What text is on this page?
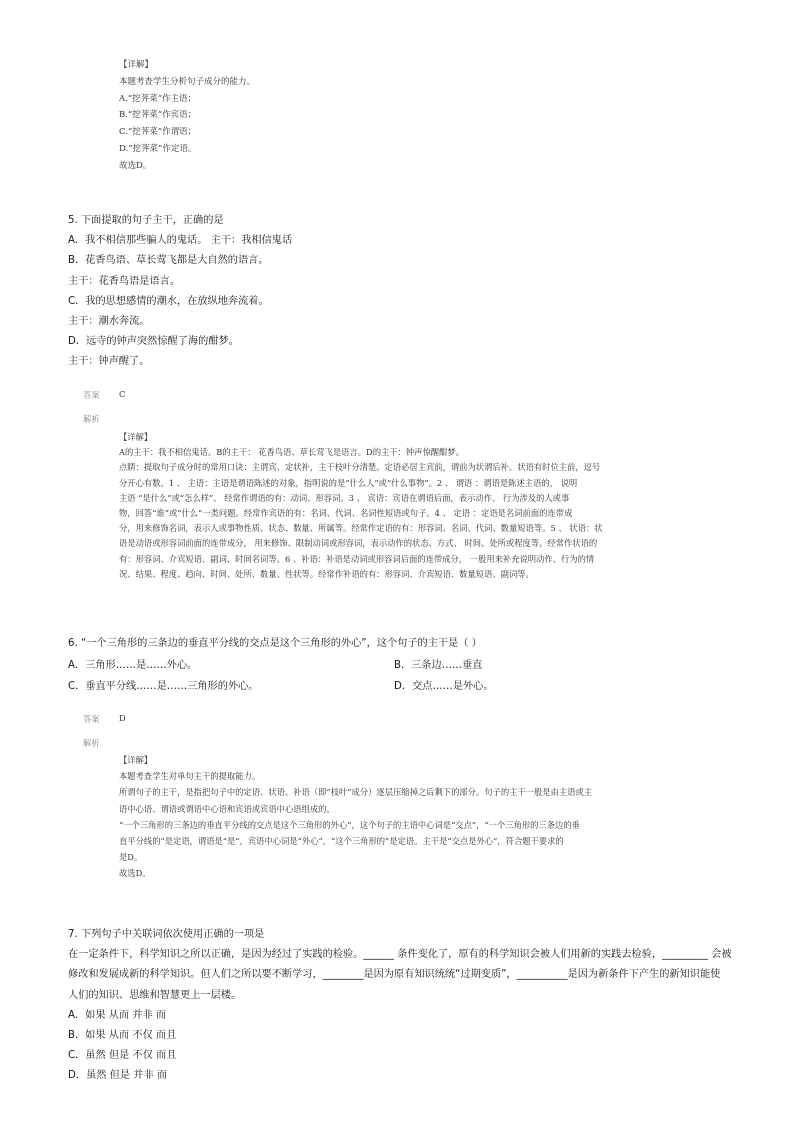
【详解】
本题考查学生分析句子成分的能力。
A.“挖荠菜”作主语；
B.“挖荠菜”作宾语；
C.“挖荠菜”作谓语；
D.“挖荠菜”作定语。
故选D。
5. 下面提取的句子主干，正确的是
A．我不相信那些骗人的鬼话。 主干：我相信鬼话
B．花香鸟语、草长莺飞都是大自然的语言。
主干：花香鸟语是语言。
C．我的思想感情的潮水，在放纵地奔流着。
主干：潮水奔流。
D．远寺的钟声突然惊醒了海的酣梦。
主干：钟声醒了。
答案 C
解析
【详解】
A的主干：我不相信鬼话。B的主干： 花香鸟语、草长莺飞是语言。D的主干：钟声惊醒酣梦。
点睛：提取句子成分时的常用口诀：主谓宾、定状补，主干枝叶分清楚。定语必居主宾前，谓前为状谓后补。状语有时位主前，逗号
分开心有数。1 、 主语：主语是谓语陈述的对象，指明说的是“什么人”或“什么事物”。2 、 谓语 ：谓语是陈述主语的， 说明
主语 “是什么”或“怎么样”。 经常作谓语的有：动词、形容词。3 、 宾语：宾语在谓语后面，表示动作、 行为涉及的人或事
物，回答“谁”或“什么”一类问题。经常作宾语的有：名词、代词、名词性短语或句子。4 、 定语 ：定语是名词前面的连带成
分，用来修饰名词，表示人或事物性质、状态、数量、所属等。经常作定语的有：形容词、名词、代词、数量短语等。5 、 状语：状
语是动语或形容词前面的连带成分， 用来修饰、限制动词或形容词，表示动作的状态、方式、 时间、处所或程度等。经常作状语的
有：形容词、介宾短语、副词、时间名词等。6 、补语：补语是动词或形容词后面的连带成分， 一般用来补充说明动作、行为的情
况、结果、程度、趋向、时间、处所、数量、性状等。经常作补语的有：形容词、介宾短语、数量短语、副词等。
6. “一个三角形的三条边的垂直平分线的交点是这个三角形的外心”，这个句子的主干是（ ）
A．三角形……是……外心。	B．三条边……垂直
C．垂直平分线……是……三角形的外心。	D．交点……是外心。
答案 D
解析
【详解】
本题考查学生对单句主干的提取能力。
所谓句子的主干，是指把句子中的定语、状语、补语（即“枝叶”成分）逐层压缩掉之后剩下的部分。句子的主干一般是由主语或主
语中心语、谓语或谓语中心语和宾语或宾语中心语组成的。
“一个三角形的三条边的垂直平分线的交点是这个三角形的外心”，这个句子的主语中心词是“交点”，“一个三角形的三条边的垂
直平分线的”是定语，谓语是“是”，宾语中心词是“外心”，“这个三角形的”是定语。主干是“交点是外心”，符合题干要求的
是D。
故选D。
7. 下列句子中关联词依次使用正确的一项是
在一定条件下，科学知识之所以正确，是因为经过了实践的检验。______ 条件变化了，原有的科学知识会被人们用新的实践去检验，_________ 会被
修改和发展成新的科学知识。但人们之所以要不断学习，________是因为原有知识统统“过期变质”，__________是因为新条件下产生的新知识能使
人们的知识、思维和智慧更上一层楼。
A．如果 从而 并非 而
B．如果 从而 不仅 而且
C．虽然 但是 不仅 而且
D．虽然 但是 并非 而
